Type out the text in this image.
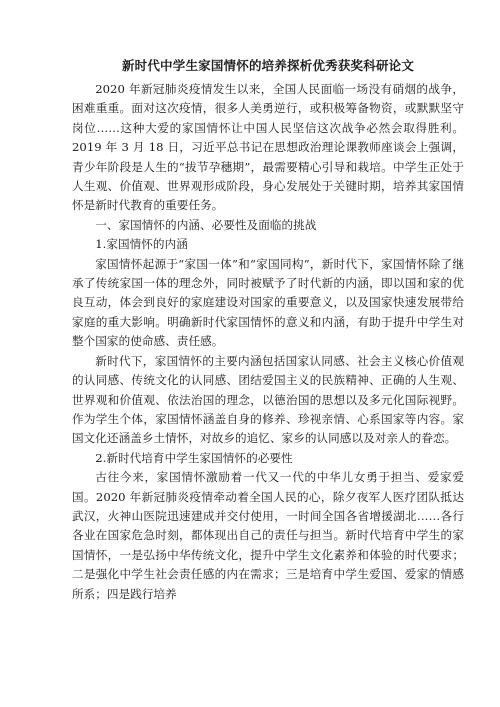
新时代中学生家国情怀的培养探析优秀获奖科研论文

2020 年新冠肺炎疫情发生以来，全国人民面临一场没有硝烟的战争，困难重重。面对这次疫情，很多人美勇逆行，或积极筹备物资，或默默坚守岗位……这种大爱的家国情怀让中国人民坚信这次战争必然会取得胜利。2019 年 3 月 18 日，习近平总书记在思想政治理论课教师座谈会上强调，青少年阶段是人生的“拔节孕穗期”，最需要精心引导和栽培。中学生正处于人生观、价值观、世界观形成阶段，身心发展处于关键时期，培养其家国情怀是新时代教育的重要任务。

一、家国情怀的内涵、必要性及面临的挑战

1.家国情怀的内涵

家国情怀起源于“家国一体”和“家国同构”，新时代下，家国情怀除了继承了传统家国一体的理念外，同时被赋予了时代新的内涵，即以国和家的优良互动，体会到良好的家庭建设对国家的重要意义，以及国家快速发展带给家庭的重大影响。明确新时代家国情怀的意义和内涵，有助于提升中学生对整个国家的使命感、责任感。

新时代下，家国情怀的主要内涵包括国家认同感、社会主义核心价值观的认同感、传统文化的认同感、团结爱国主义的民族精神、正确的人生观、世界观和价值观、依法治国的理念，以德治国的思想以及多元化国际视野。作为学生个体，家国情怀涵盖自身的修养、珍视亲情、心系国家等内容。家国文化还涵盖乡土情怀，对故乡的追忆、家乡的认同感以及对亲人的眷恋。

2.新时代培育中学生家国情怀的必要性

古往今来，家国情怀激励着一代又一代的中华儿女勇于担当、爱家爱国。2020 年新冠肺炎疫情牵动着全国人民的心，除夕夜军人医疗团队抵达武汉，火神山医院迅速建成并交付使用，一时间全国各省增援湖北……各行各业在国家危急时刻，都体现出自己的责任与担当。新时代培育中学生的家国情怀，一是弘扬中华传统文化，提升中学生文化素养和体验的时代要求；二是强化中学生社会责任感的内在需求；三是培育中学生爱国、爱家的情感所系；四是践行培养
